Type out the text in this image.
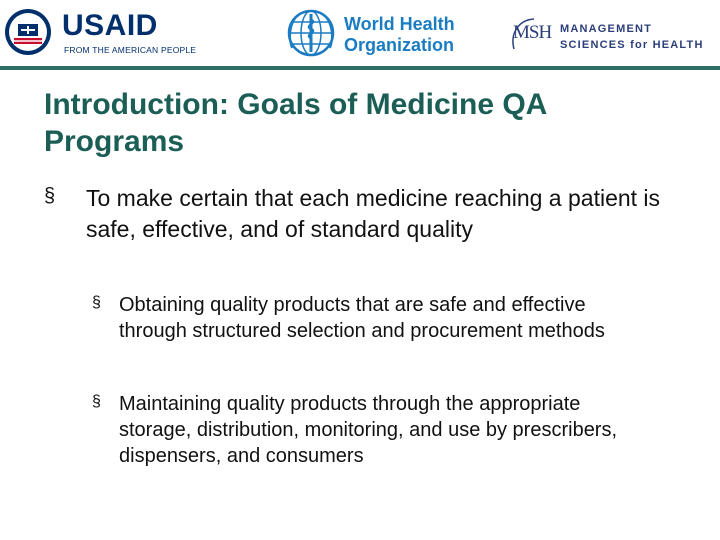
USAID
FROM THE AMERICAN PEOPLE
World Health
Organization
MSH MANAGEMENT
SCIENCES for HEALTH
Introduction: Goals of Medicine QA
Programs
§ To make certain that each medicine reaching a patient is safe, effective, and of standard quality
§ Obtaining quality products that are safe and effective through structured selection and procurement methods
§ Maintaining quality products through the appropriate storage, distribution, monitoring, and use by prescribers, dispensers, and consumers
